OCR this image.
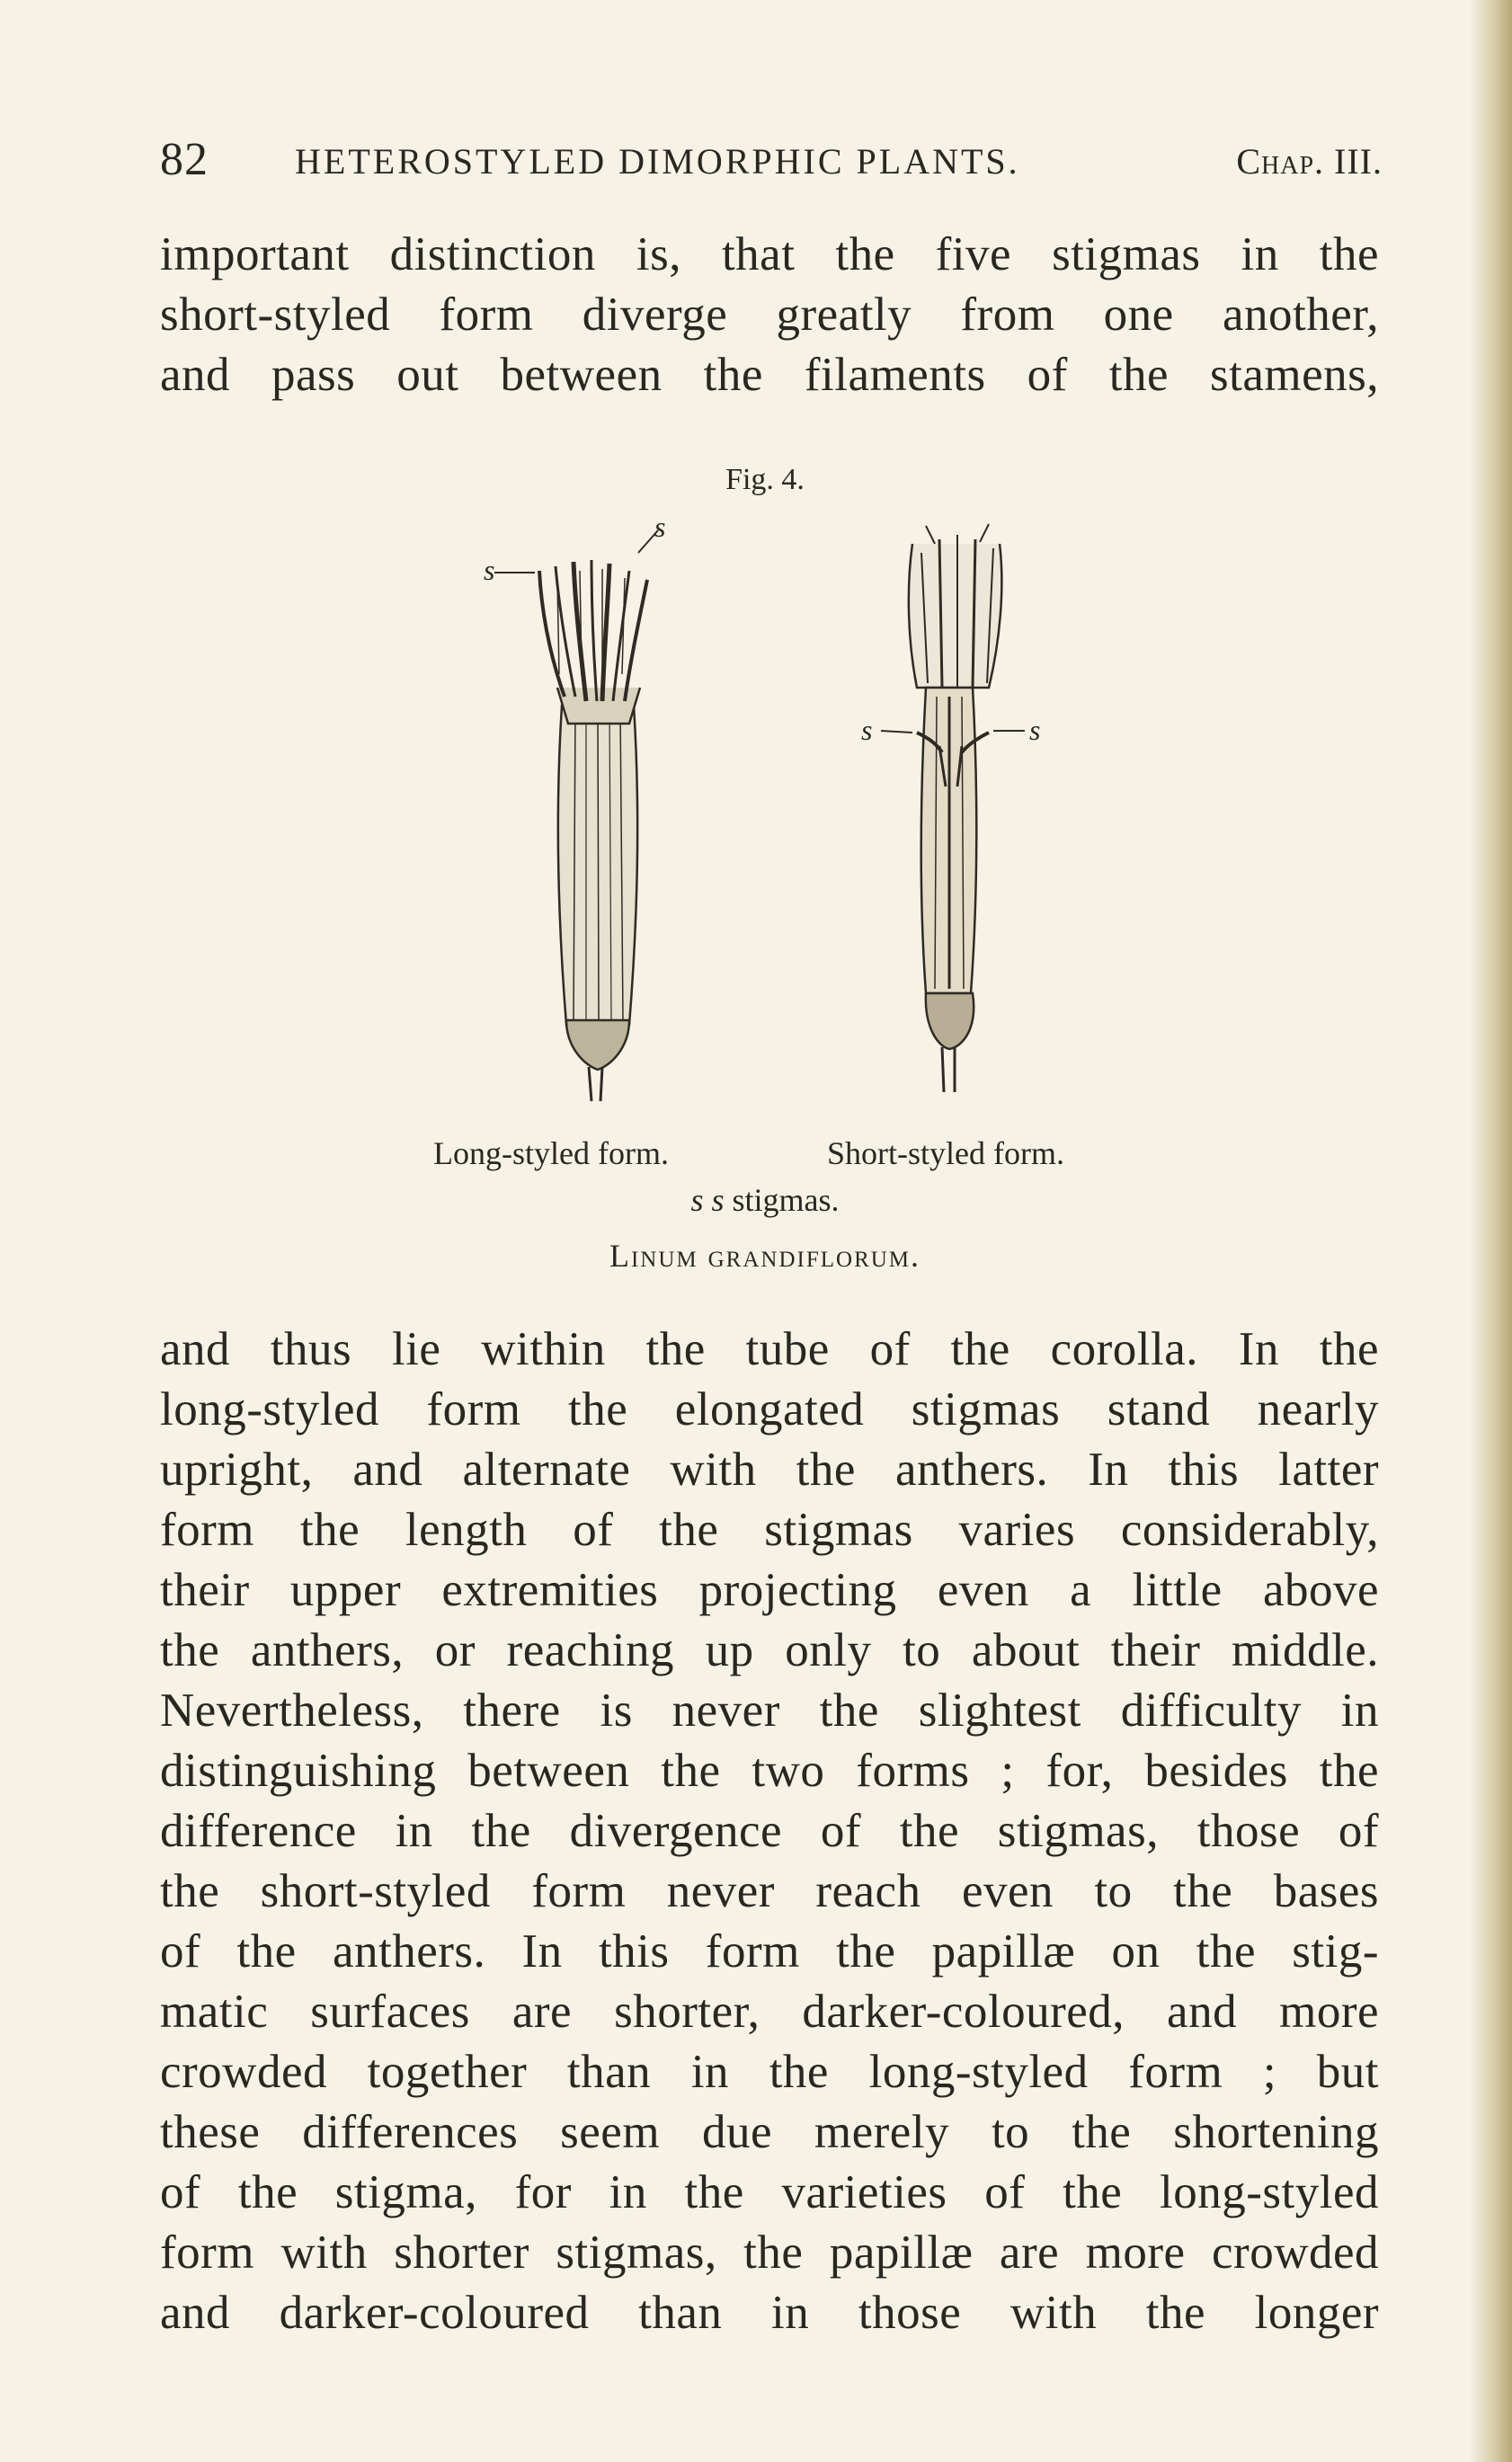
82 HETEROSTYLED DIMORPHIC PLANTS.	Chap. III.
important distinction is, that the five stigmas in the
short-styled form diverge greatly from one another,
and pass out between the filaments of the stamens,
Fig. 4.
s
s
s	s
Long-styled form.	Short-styled form.
s s stigmas.
Linum grandiflorum.
and thus lie within the tube of the corolla. In the
long-styled form the elongated stigmas stand nearly
upright, and alternate with the anthers. In this latter
form the length of the stigmas varies considerably,
their upper extremities projecting even a little above
the anthers, or reaching up only to about their middle.
Nevertheless, there is never the slightest difficulty in
distinguishing between the two forms ; for, besides the
difference in the divergence of the stigmas, those of
the short-styled form never reach even to the bases
of the anthers. In this form the papillæ on the stig-
matic surfaces are shorter, darker-coloured, and more
crowded together than in the long-styled form ; but
these differences seem due merely to the shortening
of the stigma, for in the varieties of the long-styled
form with shorter stigmas, the papillæ are more crowded
and darker-coloured than in those with the longer
